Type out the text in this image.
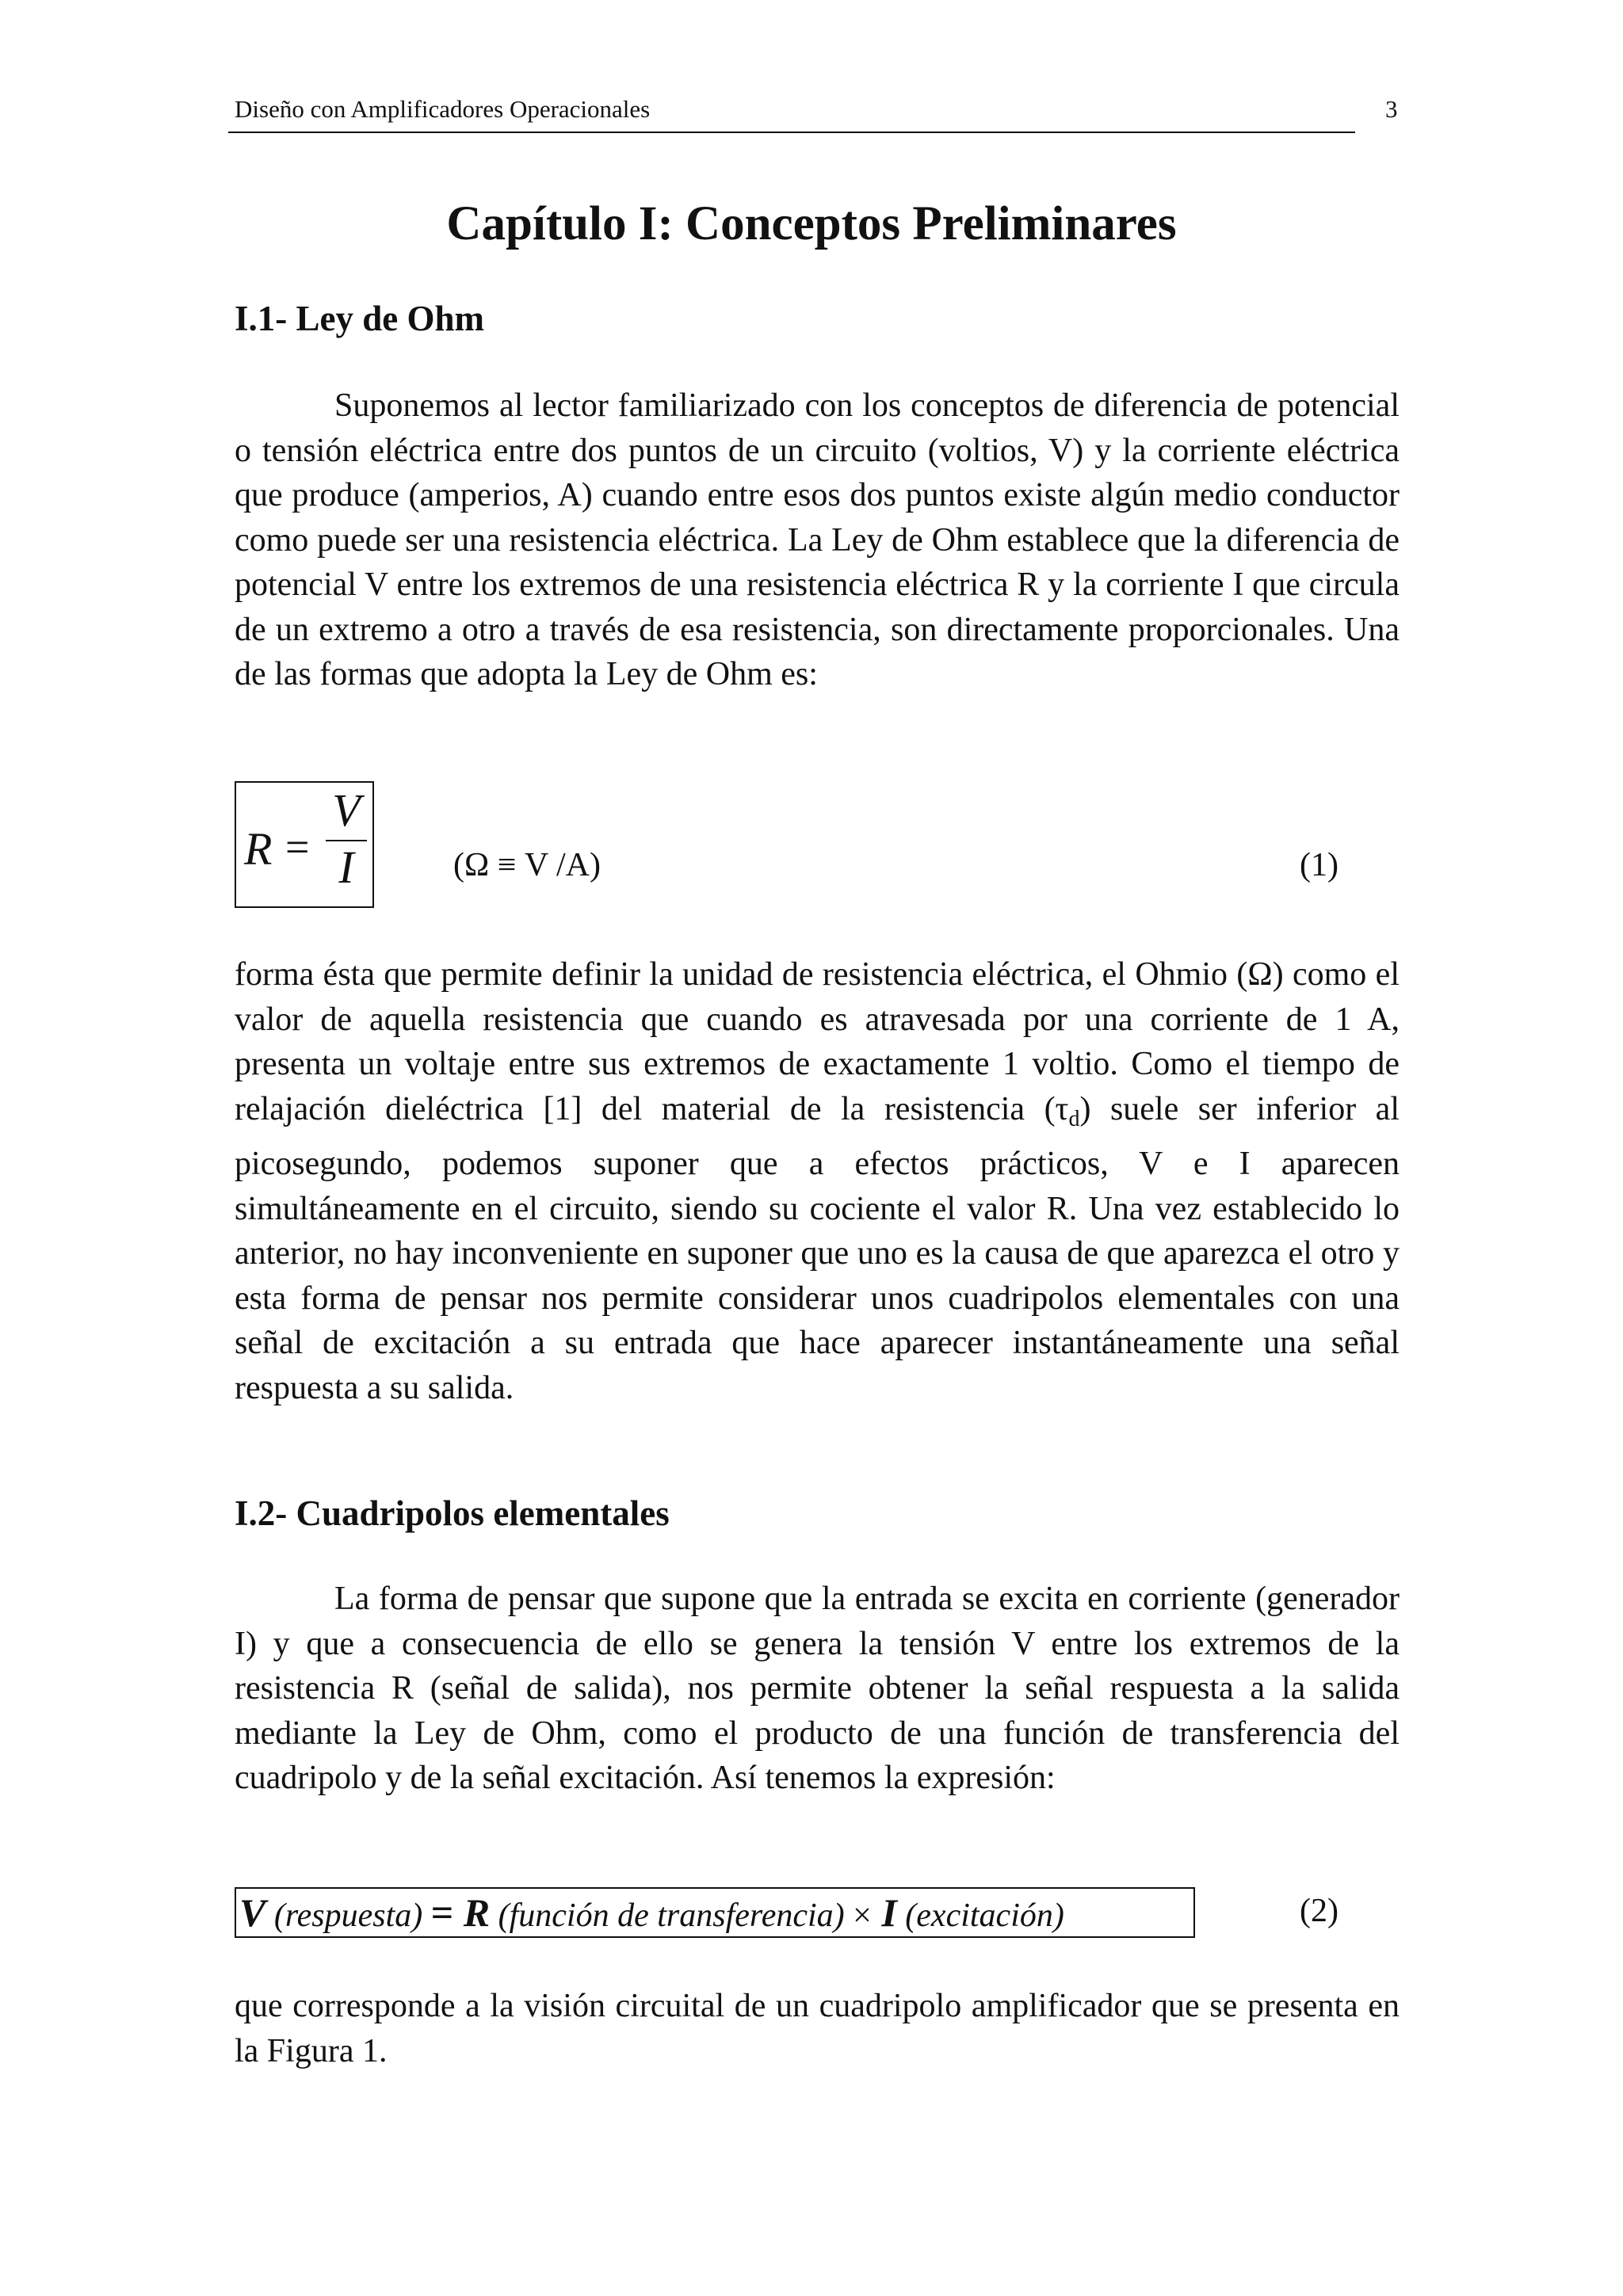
Diseño con Amplificadores Operacionales	3
Capítulo I: Conceptos Preliminares
I.1- Ley de Ohm

Suponemos al lector familiarizado con los conceptos de diferencia de potencial o tensión eléctrica entre dos puntos de un circuito (voltios, V) y la corriente eléctrica que produce (amperios, A) cuando entre esos dos puntos existe algún medio conductor como puede ser una resistencia eléctrica. La Ley de Ohm establece que la diferencia de potencial V entre los extremos de una resistencia eléctrica R y la corriente I que circula de un extremo a otro a través de esa resistencia, son directamente proporcionales. Una de las formas que adopta la Ley de Ohm es:

R =
V
I	(Ω ≡ V /A)	(1)

forma ésta que permite definir la unidad de resistencia eléctrica, el Ohmio (Ω) como el valor de aquella resistencia que cuando es atravesada por una corriente de 1 A, presenta un voltaje entre sus extremos de exactamente 1 voltio. Como el tiempo de relajación dieléctrica [1] del material de la resistencia $(\tau_d)$ suele ser inferior al picosegundo, podemos suponer que a efectos prácticos, V e I aparecen simultáneamente en el circuito, siendo su cociente el valor R. Una vez establecido lo anterior, no hay inconveniente en suponer que uno es la causa de que aparezca el otro y esta forma de pensar nos permite considerar unos cuadripolos elementales con una señal de excitación a su entrada que hace aparecer instantáneamente una señal respuesta a su salida.

I.2- Cuadripolos elementales

La forma de pensar que supone que la entrada se excita en corriente (generador I) y que a consecuencia de ello se genera la tensión V entre los extremos de la resistencia R (señal de salida), nos permite obtener la señal respuesta a la salida mediante la Ley de Ohm, como el producto de una función de transferencia del cuadripolo y de la señal excitación. Así tenemos la expresión:

V (respuesta) = R (función de transferencia) × I (excitación)	(2)

que corresponde a la visión circuital de un cuadripolo amplificador que se presenta en la Figura 1.
